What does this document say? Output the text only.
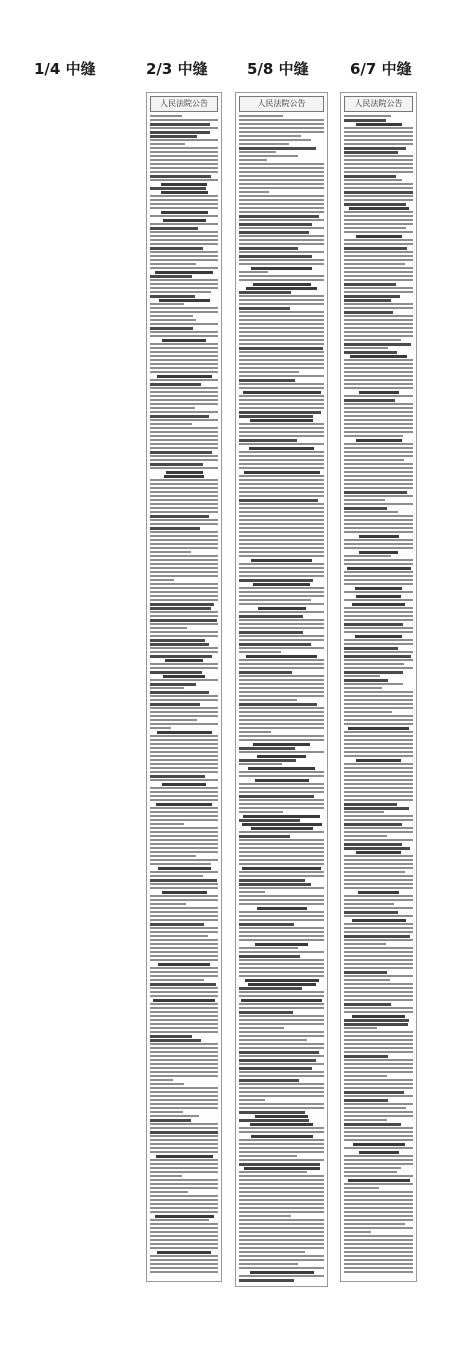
1/4 中缝	2/3 中缝	5/8 中缝	6/7 中缝
人民法院公告	人民法院公告	人民法院公告
